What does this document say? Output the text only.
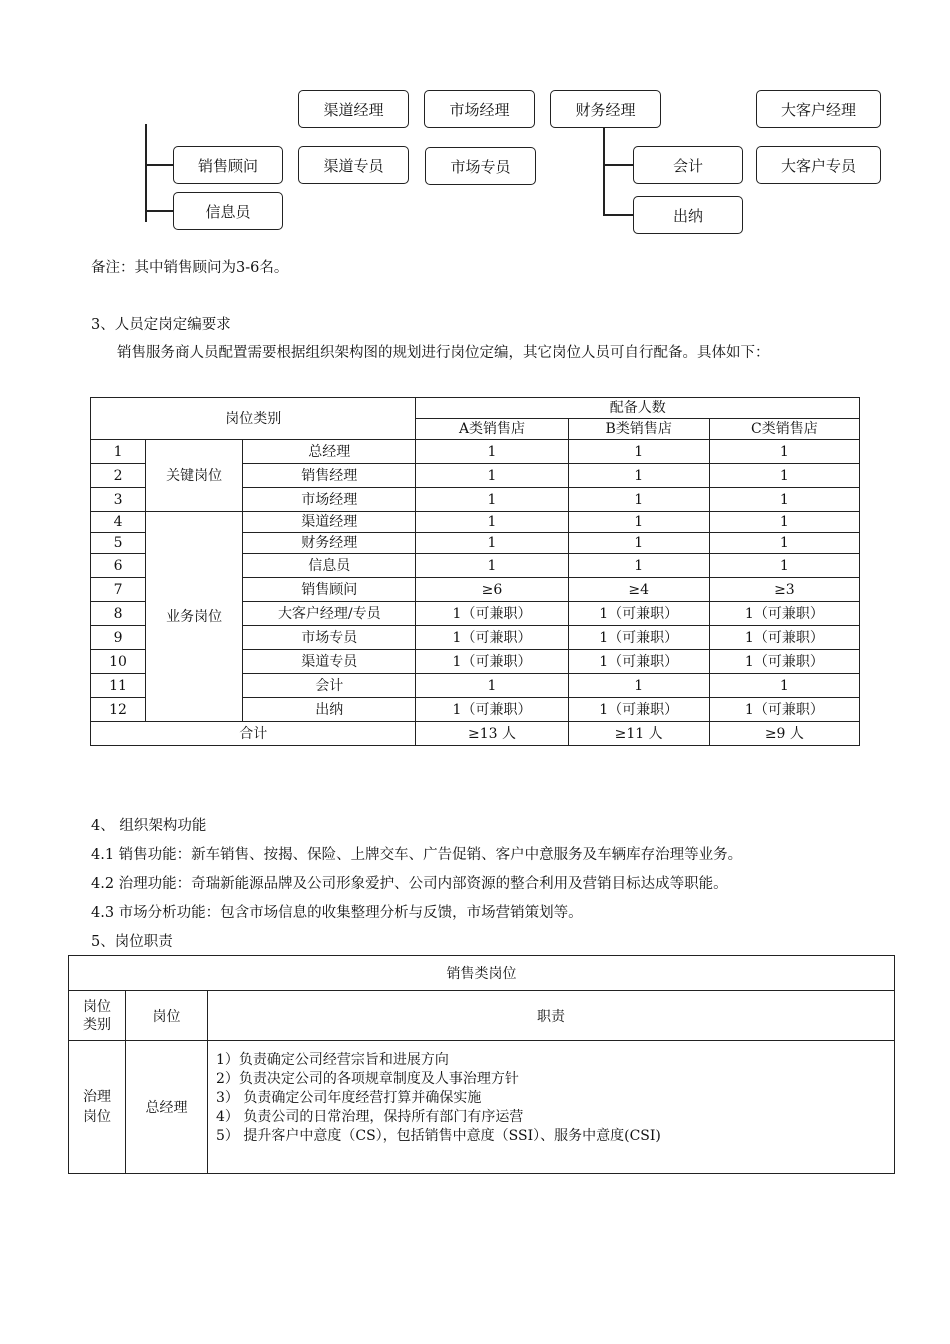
销售顾问
信息员
渠道经理
渠道专员
市场经理
市场专员
财务经理
会计
出纳
大客户经理
大客户专员
备注：其中销售顾问为3-6名。
3、人员定岗定编要求
销售服务商人员配置需要根据组织架构图的规划进行岗位定编，其它岗位人员可自行配备。具体如下：
岗位类别			配备人数		
			A类销售店	B类销售店	C类销售店
1	关键岗位	总经理	1	1	1
2		销售经理	1	1	1
3		市场经理	1	1	1
4	业务岗位	渠道经理	1	1	1
5		财务经理	1	1	1
6		信息员	1	1	1
7		销售顾问	≥6	≥4	≥3
8		大客户经理/专员	1（可兼职）	1（可兼职）	1（可兼职）
9		市场专员	1（可兼职）	1（可兼职）	1（可兼职）
10		渠道专员	1（可兼职）	1（可兼职）	1（可兼职）
11		会计	1	1	1
12		出纳	1（可兼职）	1（可兼职）	1（可兼职）
合计			≥13 人	≥11 人	≥9 人
4、 组织架构功能
4.1 销售功能：新车销售、按揭、保险、上牌交车、广告促销、客户中意服务及车辆库存治理等业务。
4.2 治理功能：奇瑞新能源品牌及公司形象爱护、公司内部资源的整合利用及营销目标达成等职能。
4.3 市场分析功能：包含市场信息的收集整理分析与反馈，市场营销策划等。
5、岗位职责
销售类岗位		
岗位类别	岗位	职责
治理岗位	总经理	1）负责确定公司经营宗旨和进展方向
2）负责决定公司的各项规章制度及人事治理方针
3） 负责确定公司年度经营打算并确保实施
4） 负责公司的日常治理，保持所有部门有序运营
5） 提升客户中意度（CS），包括销售中意度（SSI）、服务中意度(CSI)
